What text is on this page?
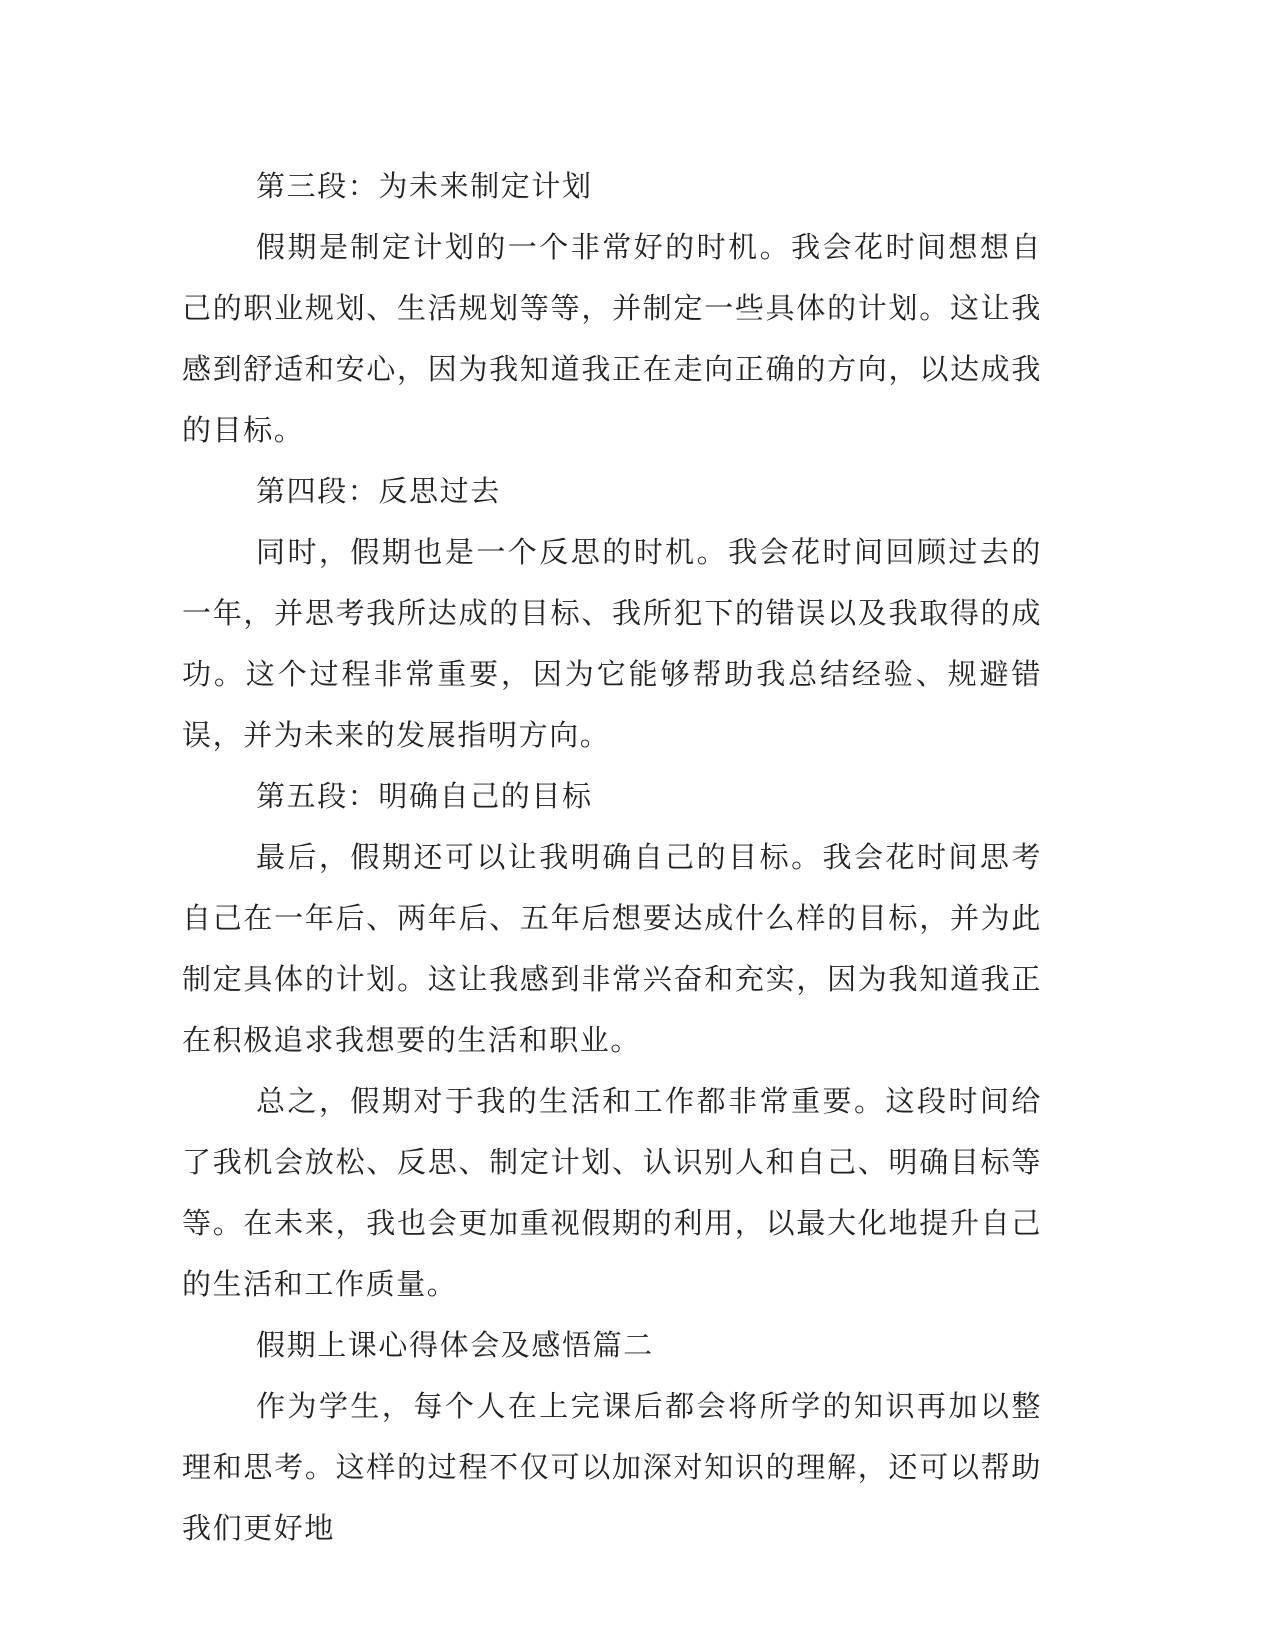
第三段：为未来制定计划

假期是制定计划的一个非常好的时机。我会花时间想想自己的职业规划、生活规划等等，并制定一些具体的计划。这让我感到舒适和安心，因为我知道我正在走向正确的方向，以达成我的目标。

第四段：反思过去

同时，假期也是一个反思的时机。我会花时间回顾过去的一年，并思考我所达成的目标、我所犯下的错误以及我取得的成功。这个过程非常重要，因为它能够帮助我总结经验、规避错误，并为未来的发展指明方向。

第五段：明确自己的目标

最后，假期还可以让我明确自己的目标。我会花时间思考自己在一年后、两年后、五年后想要达成什么样的目标，并为此制定具体的计划。这让我感到非常兴奋和充实，因为我知道我正在积极追求我想要的生活和职业。

总之，假期对于我的生活和工作都非常重要。这段时间给了我机会放松、反思、制定计划、认识别人和自己、明确目标等等。在未来，我也会更加重视假期的利用，以最大化地提升自己的生活和工作质量。

假期上课心得体会及感悟篇二

作为学生，每个人在上完课后都会将所学的知识再加以整理和思考。这样的过程不仅可以加深对知识的理解，还可以帮助我们更好地
